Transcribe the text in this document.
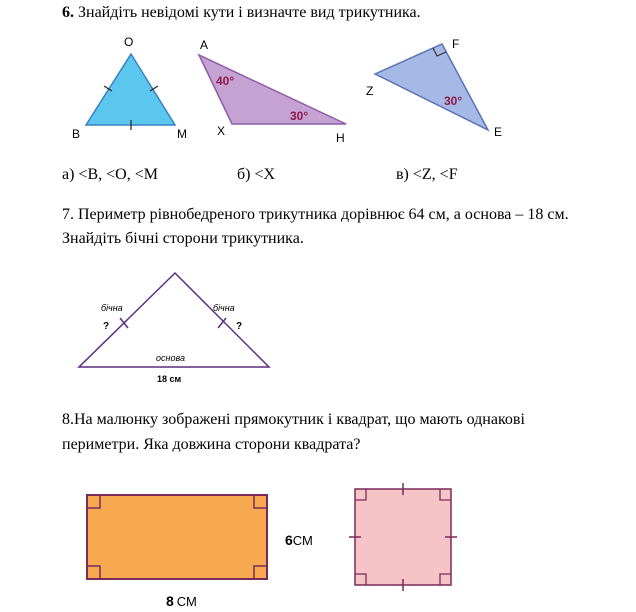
6. Знайдіть невідомі кути і визначте вид трикутника.
O
B	M
A
X	H
40°
30°
F
Z
E
30°
бічна	бічна
?	?
основа
18 см
6СМ
8 СМ
а) <B, <O, <M	б) <X	в) <Z, <F
7. Периметр рівнобедреного трикутника дорівнює 64 см, а основа – 18 см.
Знайдіть бічні сторони трикутника.
8.На малюнку зображені прямокутник і квадрат, що мають однакові
периметри. Яка довжина сторони квадрата?
